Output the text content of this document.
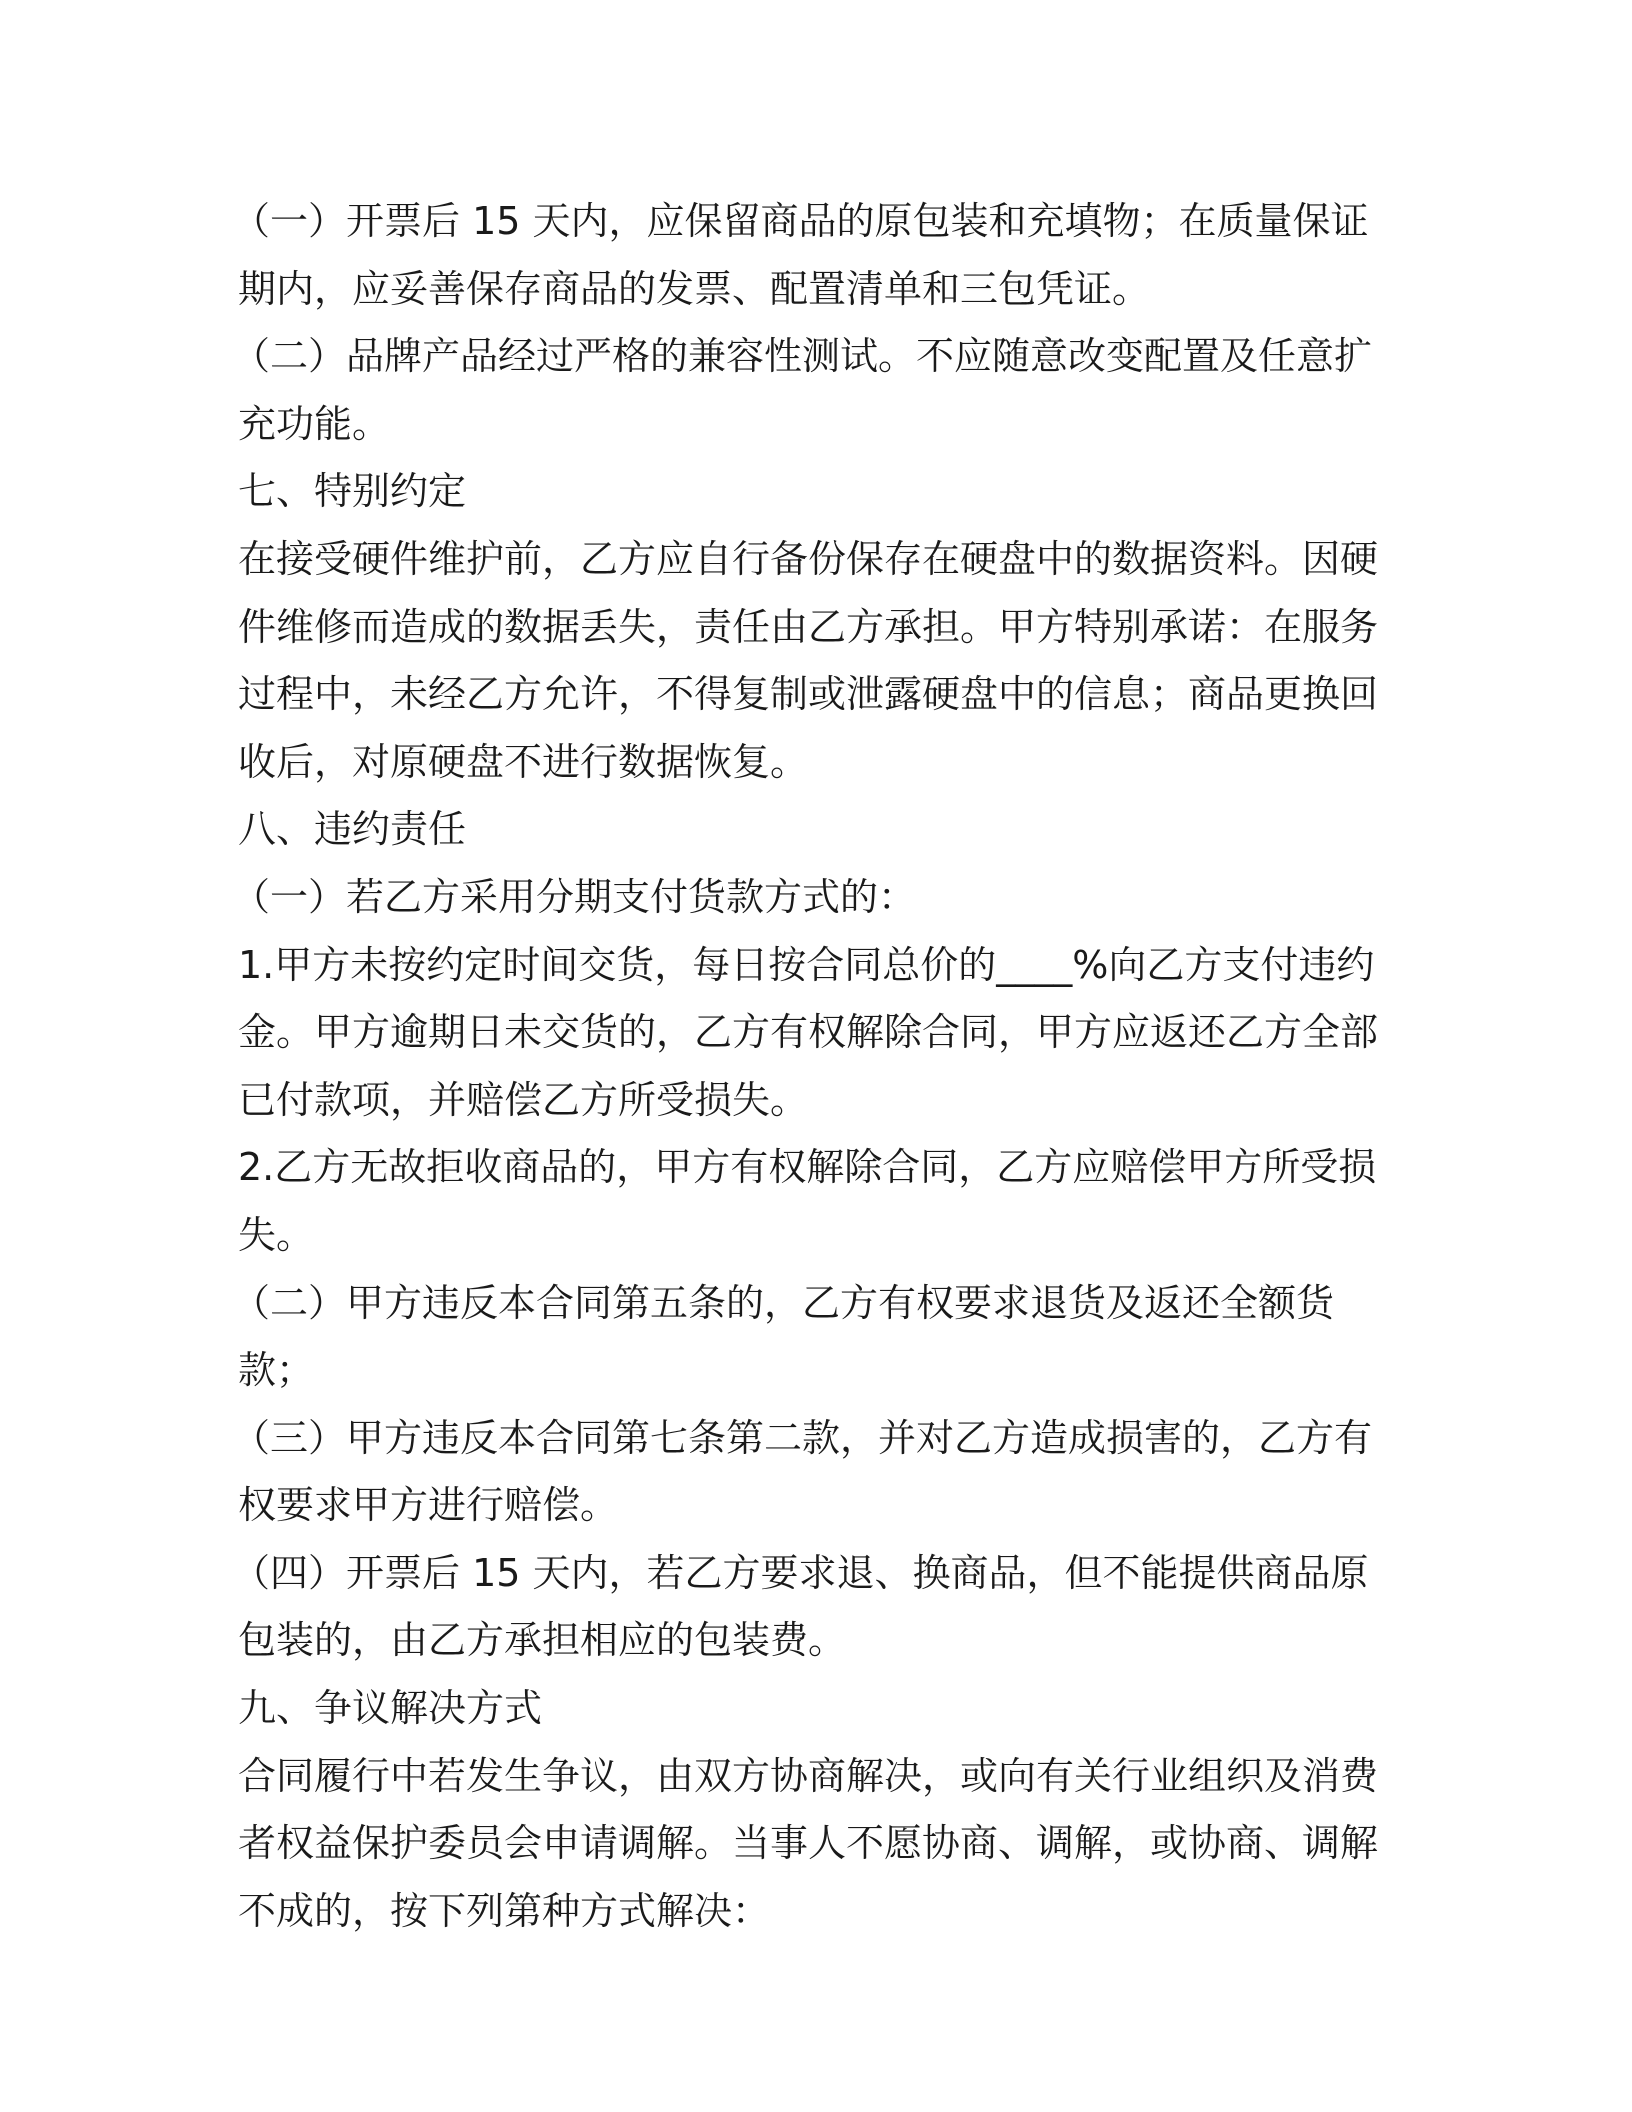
（一）开票后 15 天内，应保留商品的原包装和充填物；在质量保证期内，应妥善保存商品的发票、配置清单和三包凭证。

（二）品牌产品经过严格的兼容性测试。不应随意改变配置及任意扩充功能。

七、特别约定

在接受硬件维护前，乙方应自行备份保存在硬盘中的数据资料。因硬件维修而造成的数据丢失，责任由乙方承担。甲方特别承诺：在服务过程中，未经乙方允许，不得复制或泄露硬盘中的信息；商品更换回收后，对原硬盘不进行数据恢复。

八、违约责任

（一）若乙方采用分期支付货款方式的：

1.甲方未按约定时间交货，每日按合同总价的____%向乙方支付违约金。甲方逾期日未交货的，乙方有权解除合同，甲方应返还乙方全部已付款项，并赔偿乙方所受损失。

2.乙方无故拒收商品的，甲方有权解除合同，乙方应赔偿甲方所受损失。

（二）甲方违反本合同第五条的，乙方有权要求退货及返还全额货款；

（三）甲方违反本合同第七条第二款，并对乙方造成损害的，乙方有权要求甲方进行赔偿。

（四）开票后 15 天内，若乙方要求退、换商品，但不能提供商品原包装的，由乙方承担相应的包装费。

九、争议解决方式

合同履行中若发生争议，由双方协商解决，或向有关行业组织及消费者权益保护委员会申请调解。当事人不愿协商、调解，或协商、调解不成的，按下列第种方式解决：
